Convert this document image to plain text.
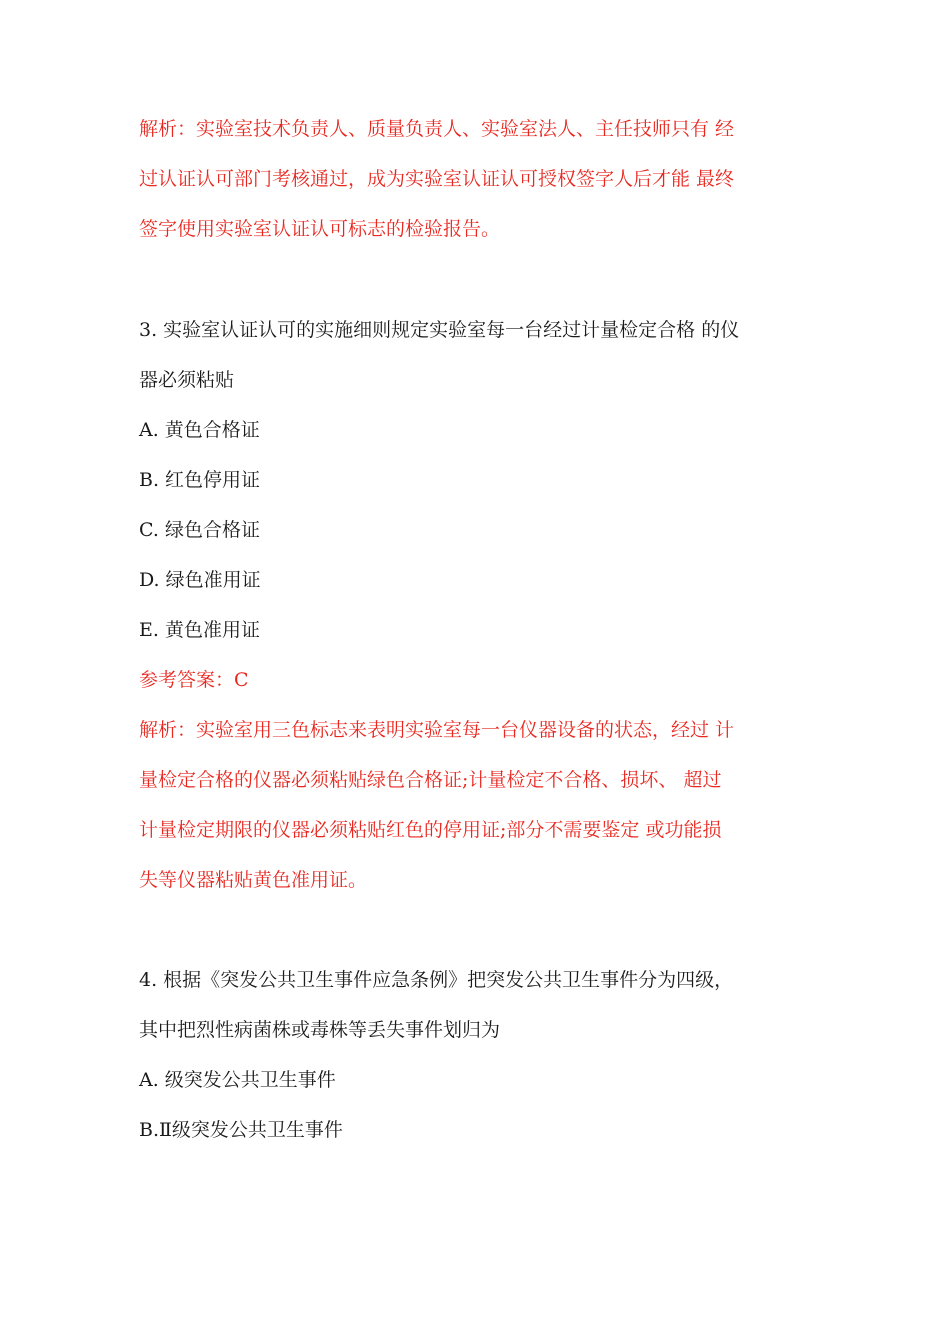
解析：实验室技术负责人、质量负责人、实验室法人、主任技师只有 经
过认证认可部门考核通过，成为实验室认证认可授权签字人后才能 最终
签字使用实验室认证认可标志的检验报告。
3. 实验室认证认可的实施细则规定实验室每一台经过计量检定合格 的仪
器必须粘贴
A. 黄色合格证
B. 红色停用证
C. 绿色合格证
D. 绿色准用证
E. 黄色准用证
参考答案：C
解析：实验室用三色标志来表明实验室每一台仪器设备的状态，经过 计
量检定合格的仪器必须粘贴绿色合格证;计量检定不合格、损坏、 超过
计量检定期限的仪器必须粘贴红色的停用证;部分不需要鉴定 或功能损
失等仪器粘贴黄色准用证。
4. 根据《突发公共卫生事件应急条例》把突发公共卫生事件分为四级，
其中把烈性病菌株或毒株等丢失事件划归为
A. 级突发公共卫生事件
B.Ⅱ级突发公共卫生事件
